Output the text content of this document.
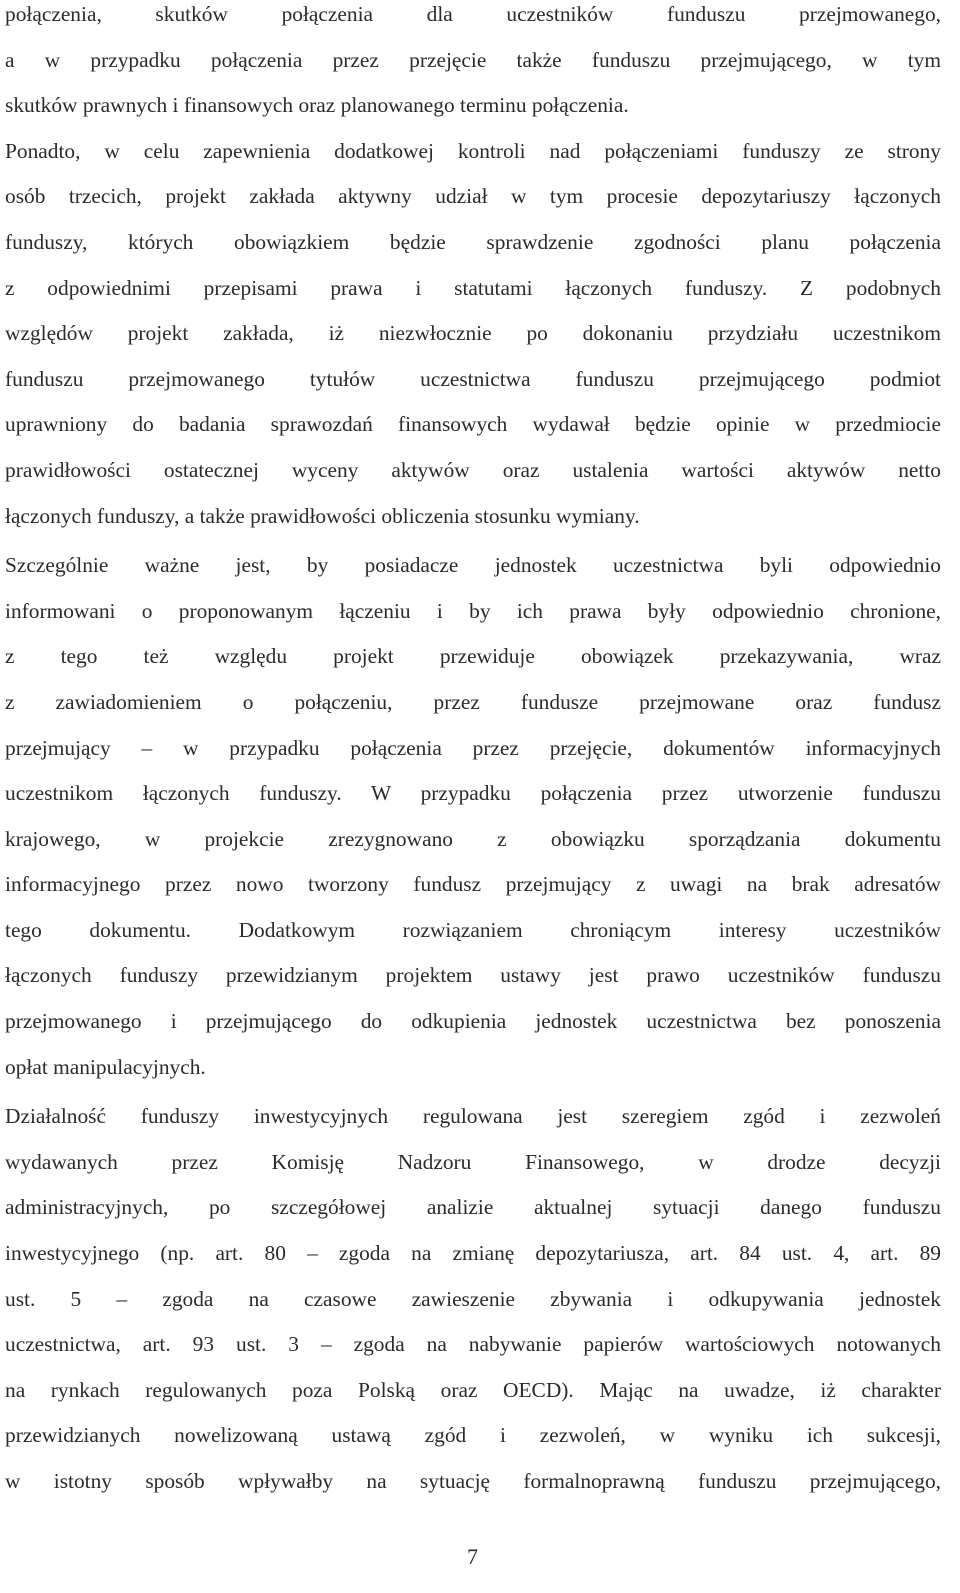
połączenia, skutków połączenia dla uczestników funduszu przejmowanego,
a w przypadku połączenia przez przejęcie także funduszu przejmującego, w tym
skutków prawnych i finansowych oraz planowanego terminu połączenia.
Ponadto, w celu zapewnienia dodatkowej kontroli nad połączeniami funduszy ze strony
osób trzecich, projekt zakłada aktywny udział w tym procesie depozytariuszy łączonych
funduszy, których obowiązkiem będzie sprawdzenie zgodności planu połączenia
z odpowiednimi przepisami prawa i statutami łączonych funduszy. Z podobnych
względów projekt zakłada, iż niezwłocznie po dokonaniu przydziału uczestnikom
funduszu przejmowanego tytułów uczestnictwa funduszu przejmującego podmiot
uprawniony do badania sprawozdań finansowych wydawał będzie opinie w przedmiocie
prawidłowości ostatecznej wyceny aktywów oraz ustalenia wartości aktywów netto
łączonych funduszy, a także prawidłowości obliczenia stosunku wymiany.
Szczególnie ważne jest, by posiadacze jednostek uczestnictwa byli odpowiednio
informowani o proponowanym łączeniu i by ich prawa były odpowiednio chronione,
z tego też względu projekt przewiduje obowiązek przekazywania, wraz
z zawiadomieniem o połączeniu, przez fundusze przejmowane oraz fundusz
przejmujący – w przypadku połączenia przez przejęcie, dokumentów informacyjnych
uczestnikom łączonych funduszy. W przypadku połączenia przez utworzenie funduszu
krajowego, w projekcie zrezygnowano z obowiązku sporządzania dokumentu
informacyjnego przez nowo tworzony fundusz przejmujący z uwagi na brak adresatów
tego dokumentu. Dodatkowym rozwiązaniem chroniącym interesy uczestników
łączonych funduszy przewidzianym projektem ustawy jest prawo uczestników funduszu
przejmowanego i przejmującego do odkupienia jednostek uczestnictwa bez ponoszenia
opłat manipulacyjnych.
Działalność funduszy inwestycyjnych regulowana jest szeregiem zgód i zezwoleń
wydawanych przez Komisję Nadzoru Finansowego, w drodze decyzji
administracyjnych, po szczegółowej analizie aktualnej sytuacji danego funduszu
inwestycyjnego (np. art. 80 – zgoda na zmianę depozytariusza, art. 84 ust. 4, art. 89
ust. 5 – zgoda na czasowe zawieszenie zbywania i odkupywania jednostek
uczestnictwa, art. 93 ust. 3 – zgoda na nabywanie papierów wartościowych notowanych
na rynkach regulowanych poza Polską oraz OECD). Mając na uwadze, iż charakter
przewidzianych nowelizowaną ustawą zgód i zezwoleń, w wyniku ich sukcesji,
w istotny sposób wpływałby na sytuację formalnoprawną funduszu przejmującego,
7
